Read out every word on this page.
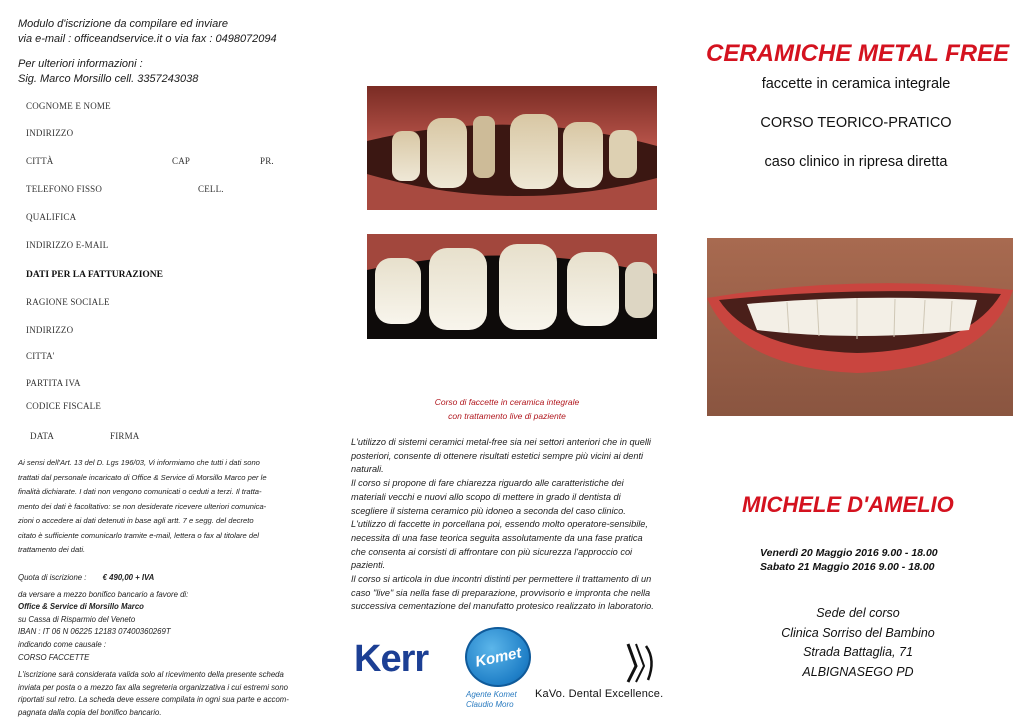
Modulo d'iscrizione da compilare ed inviare
via e-mail : officeandservice.it o via fax : 0498072094
Per ulteriori informazioni :
Sig. Marco Morsillo cell. 3357243038
COGNOME E NOME
INDIRIZZO
CITTÀ	CAP	PR.
TELEFONO FISSO	CELL.
QUALIFICA
INDIRIZZO E-MAIL
DATI PER LA FATTURAZIONE
RAGIONE SOCIALE
INDIRIZZO
CITTA'
PARTITA IVA
CODICE FISCALE
DATA	FIRMA
Ai sensi dell'Art. 13 del D. Lgs 196/03, Vi informiamo che tutti i dati sono
trattati dal personale incaricato di Office & Service di Morsillo Marco per le
finalità dichiarate. I dati non vengono comunicati o ceduti a terzi. Il tratta-
mento dei dati è facoltativo: se non desiderate ricevere ulteriori comunica-
zioni o accedere ai dati detenuti in base agli artt. 7 e segg. del decreto
citato è sufficiente comunicarlo tramite e-mail, lettera o fax al titolare del
trattamento dei dati.
Quota di iscrizione : € 490,00 + IVA
da versare a mezzo bonifico bancario a favore di:
Office & Service di Morsillo Marco
su Cassa di Risparmio del Veneto
IBAN : IT 06 N 06225 12183 07400360269T
indicando come causale :
CORSO FACCETTE
L'iscrizione sarà considerata valida solo al ricevimento della presente scheda
inviata per posta o a mezzo fax alla segreteria organizzativa i cui estremi sono
riportati sul retro. La scheda deve essere compilata in ogni sua parte e accom-
pagnata dalla copia del bonifico bancario.
Corso di faccette in ceramica integrale
con trattamento live di paziente
L'utilizzo di sistemi ceramici metal-free sia nei settori anteriori che in quelli
posteriori, consente di ottenere risultati estetici sempre più vicini ai denti
naturali.
Il corso si propone di fare chiarezza riguardo alle caratteristiche dei
materiali vecchi e nuovi allo scopo di mettere in grado il dentista di
scegliere il sistema ceramico più idoneo a seconda del caso clinico.
L'utilizzo di faccette in porcellana poi, essendo molto operatore-sensibile,
necessita di una fase teorica seguita assolutamente da una fase pratica
che consenta ai corsisti di affrontare con più sicurezza l'approccio coi
pazienti.
Il corso si articola in due incontri distinti per permettere il trattamento di un
caso "live" sia nella fase di preparazione, provvisorio e impronta che nella
successiva cementazione del manufatto protesico realizzato in laboratorio.
Kerr	Komet
Agente Komet
Claudio Moro
KaVo. Dental Excellence.
CERAMICHE METAL FREE
faccette in ceramica integrale
CORSO TEORICO-PRATICO
caso clinico in ripresa diretta
MICHELE D'AMELIO
Venerdì 20 Maggio 2016 9.00 - 18.00
Sabato 21 Maggio 2016 9.00 - 18.00
Sede del corso
Clinica Sorriso del Bambino
Strada Battaglia, 71
ALBIGNASEGO PD
